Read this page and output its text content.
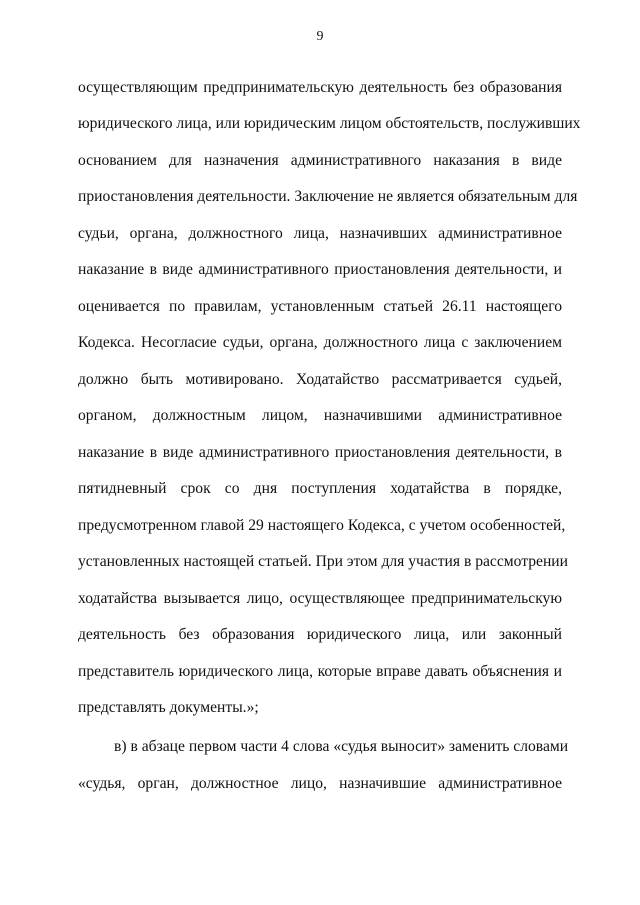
9
осуществляющим предпринимательскую деятельность без образования
юридического лица, или юридическим лицом обстоятельств, послуживших
основанием для назначения административного наказания в виде
приостановления деятельности. Заключение не является обязательным для
судьи, органа, должностного лица, назначивших административное
наказание в виде административного приостановления деятельности, и
оценивается по правилам, установленным статьей 26.11 настоящего
Кодекса. Несогласие судьи, органа, должностного лица с заключением
должно быть мотивировано. Ходатайство рассматривается судьей,
органом, должностным лицом, назначившими административное
наказание в виде административного приостановления деятельности, в
пятидневный срок со дня поступления ходатайства в порядке,
предусмотренном главой 29 настоящего Кодекса, с учетом особенностей,
установленных настоящей статьей. При этом для участия в рассмотрении
ходатайства вызывается лицо, осуществляющее предпринимательскую
деятельность без образования юридического лица, или законный
представитель юридического лица, которые вправе давать объяснения и
представлять документы.»;
в) в абзаце первом части 4 слова «судья выносит» заменить словами
«судья, орган, должностное лицо, назначившие административное
